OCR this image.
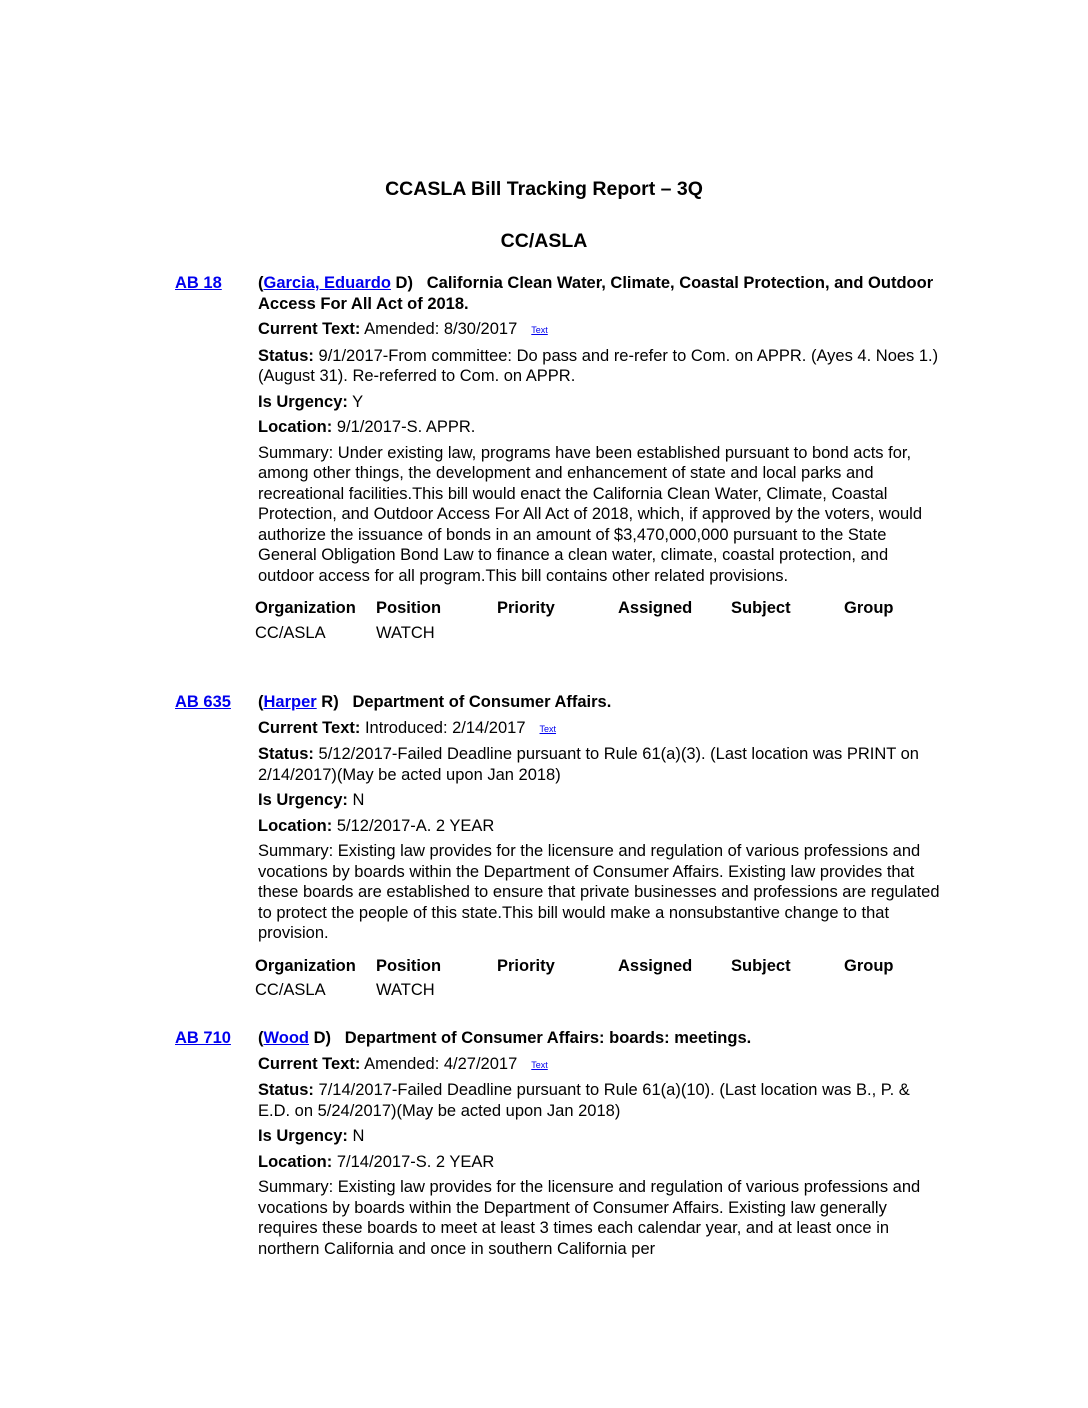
CCASLA Bill Tracking Report – 3Q
CC/ASLA
AB 18 (Garcia, Eduardo D) California Clean Water, Climate, Coastal Protection, and Outdoor Access For All Act of 2018.
Current Text: Amended: 8/30/2017 Text
Status: 9/1/2017-From committee: Do pass and re-refer to Com. on APPR. (Ayes 4. Noes 1.) (August 31). Re-referred to Com. on APPR.
Is Urgency: Y
Location: 9/1/2017-S. APPR.
Summary: Under existing law, programs have been established pursuant to bond acts for, among other things, the development and enhancement of state and local parks and recreational facilities.This bill would enact the California Clean Water, Climate, Coastal Protection, and Outdoor Access For All Act of 2018, which, if approved by the voters, would authorize the issuance of bonds in an amount of $3,470,000,000 pursuant to the State General Obligation Bond Law to finance a clean water, climate, coastal protection, and outdoor access for all program.This bill contains other related provisions.
Organization	Position	Priority	Assigned	Subject	Group
CC/ASLA	WATCH				
AB 635 (Harper R) Department of Consumer Affairs.
Current Text: Introduced: 2/14/2017 Text
Status: 5/12/2017-Failed Deadline pursuant to Rule 61(a)(3). (Last location was PRINT on 2/14/2017)(May be acted upon Jan 2018)
Is Urgency: N
Location: 5/12/2017-A. 2 YEAR
Summary: Existing law provides for the licensure and regulation of various professions and vocations by boards within the Department of Consumer Affairs. Existing law provides that these boards are established to ensure that private businesses and professions are regulated to protect the people of this state.This bill would make a nonsubstantive change to that provision.
Organization	Position	Priority	Assigned	Subject	Group
CC/ASLA	WATCH				
AB 710 (Wood D) Department of Consumer Affairs: boards: meetings.
Current Text: Amended: 4/27/2017 Text
Status: 7/14/2017-Failed Deadline pursuant to Rule 61(a)(10). (Last location was B., P. & E.D. on 5/24/2017)(May be acted upon Jan 2018)
Is Urgency: N
Location: 7/14/2017-S. 2 YEAR
Summary: Existing law provides for the licensure and regulation of various professions and vocations by boards within the Department of Consumer Affairs. Existing law generally requires these boards to meet at least 3 times each calendar year, and at least once in northern California and once in southern California per
